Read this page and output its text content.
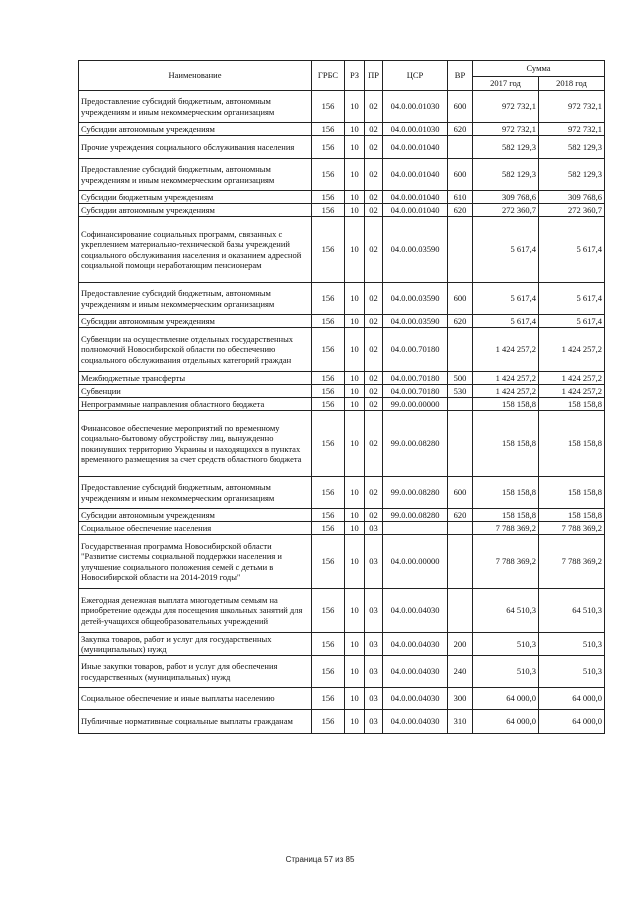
Наименование	ГРБС	РЗ	ПР	ЦСР	ВР	Сумма	
						2017 год	2018 год
Предоставление субсидий бюджетным, автономным учреждениям и иным некоммерческим организациям	156	10	02	04.0.00.01030	600	972 732,1	972 732,1
Субсидии автономным учреждениям	156	10	02	04.0.00.01030	620	972 732,1	972 732,1
Прочие учреждения социального обслуживания населения	156	10	02	04.0.00.01040		582 129,3	582 129,3
Предоставление субсидий бюджетным, автономным учреждениям и иным некоммерческим организациям	156	10	02	04.0.00.01040	600	582 129,3	582 129,3
Субсидии бюджетным учреждениям	156	10	02	04.0.00.01040	610	309 768,6	309 768,6
Субсидии автономным учреждениям	156	10	02	04.0.00.01040	620	272 360,7	272 360,7
Софинансирование социальных программ, связанных с укреплением материально-технической базы учреждений социального обслуживания населения и оказанием адресной социальной помощи неработающим пенсионерам	156	10	02	04.0.00.03590		5 617,4	5 617,4
Предоставление субсидий бюджетным, автономным учреждениям и иным некоммерческим организациям	156	10	02	04.0.00.03590	600	5 617,4	5 617,4
Субсидии автономным учреждениям	156	10	02	04.0.00.03590	620	5 617,4	5 617,4
Субвенции на осуществление отдельных государственных полномочий Новосибирской области по обеспечению социального обслуживания отдельных категорий граждан	156	10	02	04.0.00.70180		1 424 257,2	1 424 257,2
Межбюджетные трансферты	156	10	02	04.0.00.70180	500	1 424 257,2	1 424 257,2
Субвенции	156	10	02	04.0.00.70180	530	1 424 257,2	1 424 257,2
Непрограммные направления областного бюджета	156	10	02	99.0.00.00000		158 158,8	158 158,8
Финансовое обеспечение мероприятий по временному социально-бытовому обустройству лиц, вынужденно покинувших территорию Украины и находящихся в пунктах временного размещения за счет средств областного бюджета	156	10	02	99.0.00.08280		158 158,8	158 158,8
Предоставление субсидий бюджетным, автономным учреждениям и иным некоммерческим организациям	156	10	02	99.0.00.08280	600	158 158,8	158 158,8
Субсидии автономным учреждениям	156	10	02	99.0.00.08280	620	158 158,8	158 158,8
Социальное обеспечение населения	156	10	03			7 788 369,2	7 788 369,2
Государственная программа Новосибирской области "Развитие системы социальной поддержки населения и улучшение социального положения семей с детьми в Новосибирской области на 2014-2019 годы"	156	10	03	04.0.00.00000		7 788 369,2	7 788 369,2
Ежегодная денежная выплата многодетным семьям на приобретение одежды для посещения школьных занятий для детей-учащихся общеобразовательных учреждений	156	10	03	04.0.00.04030		64 510,3	64 510,3
Закупка товаров, работ и услуг для государственных (муниципальных) нужд	156	10	03	04.0.00.04030	200	510,3	510,3
Иные закупки товаров, работ и услуг для обеспечения государственных (муниципальных) нужд	156	10	03	04.0.00.04030	240	510,3	510,3
Социальное обеспечение и иные выплаты населению	156	10	03	04.0.00.04030	300	64 000,0	64 000,0
Публичные нормативные социальные выплаты гражданам	156	10	03	04.0.00.04030	310	64 000,0	64 000,0
Страница 57 из 85
